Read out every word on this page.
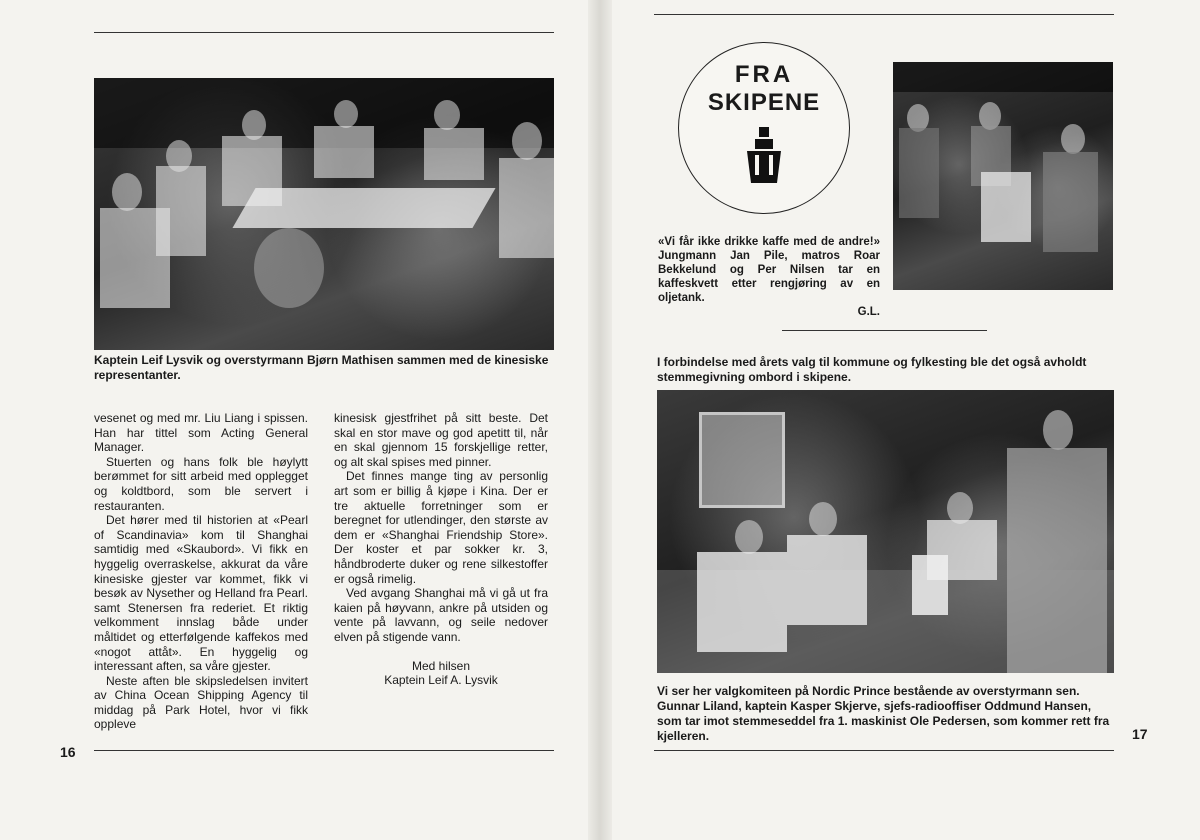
Kaptein Leif Lysvik og overstyrmann Bjørn Mathisen sammen med de kinesiske representanter.

vesenet og med mr. Liu Liang i spissen. Han har tittel som Acting General Manager.

Stuerten og hans folk ble høylytt berømmet for sitt arbeid med opplegget og koldtbord, som ble servert i restauranten.

Det hører med til historien at «Pearl of Scandinavia» kom til Shanghai samtidig med «Skaubord». Vi fikk en hyggelig overraskelse, akkurat da våre kinesiske gjester var kommet, fikk vi besøk av Nysether og Helland fra Pearl. samt Stenersen fra rederiet. Et riktig velkomment innslag både under måltidet og etterfølgende kaffekos med «nogot attåt». En hyggelig og interessant aften, sa våre gjester.

Neste aften ble skipsledelsen invitert av China Ocean Shipping Agency til middag på Park Hotel, hvor vi fikk oppleve

kinesisk gjestfrihet på sitt beste. Det skal en stor mave og god apetitt til, når en skal gjennom 15 forskjellige retter, og alt skal spises med pinner.

Det finnes mange ting av personlig art som er billig å kjøpe i Kina. Der er tre aktuelle forretninger som er beregnet for utlendinger, den største av dem er «Shanghai Friendship Store». Der koster et par sokker kr. 3, håndbroderte duker og rene silkestoffer er også rimelig.

Ved avgang Shanghai må vi gå ut fra kaien på høyvann, ankre på utsiden og vente på lavvann, og seile nedover elven på stigende vann.

Med hilsen
Kaptein Leif A. Lysvik
16
FRA
SKIPENE
«Vi får ikke drikke kaffe med de andre!» Jungmann Jan Pile, matros Roar Bekkelund og Per Nilsen tar en kaffeskvett etter rengjøring av en oljetank.
G.L.
I forbindelse med årets valg til kommune og fylkesting ble det også avholdt stemmegivning ombord i skipene.
Vi ser her valgkomiteen på Nordic Prince bestående av overstyrmann sen. Gunnar Liland, kaptein Kasper Skjerve, sjefs-radiooffiser Oddmund Hansen, som tar imot stemmeseddel fra 1. maskinist Ole Pedersen, som kommer rett fra kjelleren.	17
